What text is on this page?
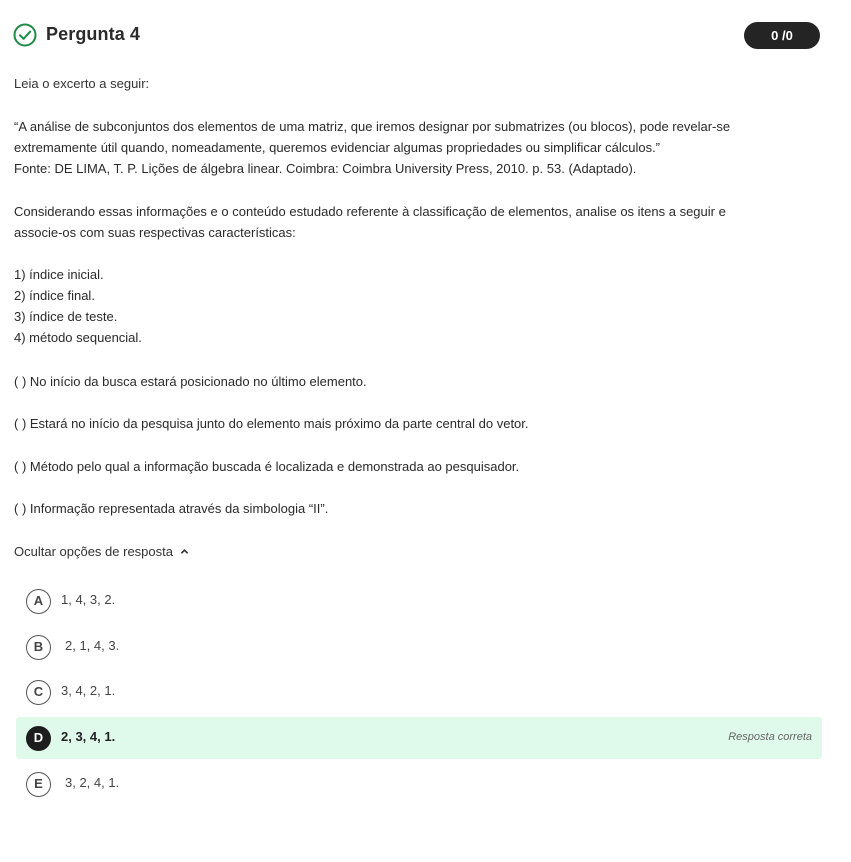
Pergunta 4	0 /0
Leia o excerto a seguir:
“A análise de subconjuntos dos elementos de uma matriz, que iremos designar por submatrizes (ou blocos), pode revelar-se
extremamente útil quando, nomeadamente, queremos evidenciar algumas propriedades ou simplificar cálculos.”
Fonte: DE LIMA, T. P. Lições de álgebra linear. Coimbra: Coimbra University Press, 2010. p. 53. (Adaptado).
Considerando essas informações e o conteúdo estudado referente à classificação de elementos, analise os itens a seguir e
associe-os com suas respectivas características:
1) índice inicial.
2) índice final.
3) índice de teste.
4) método sequencial.
( ) No início da busca estará posicionado no último elemento.
( ) Estará no início da pesquisa junto do elemento mais próximo da parte central do vetor.
( ) Método pelo qual a informação buscada é localizada e demonstrada ao pesquisador.
( ) Informação representada através da simbologia “II”.
Ocultar opções de resposta
A	1, 4, 3, 2.
B	2, 1, 4, 3.
C	3, 4, 2, 1.
D	2, 3, 4, 1.	Resposta correta
E	3, 2, 4, 1.
